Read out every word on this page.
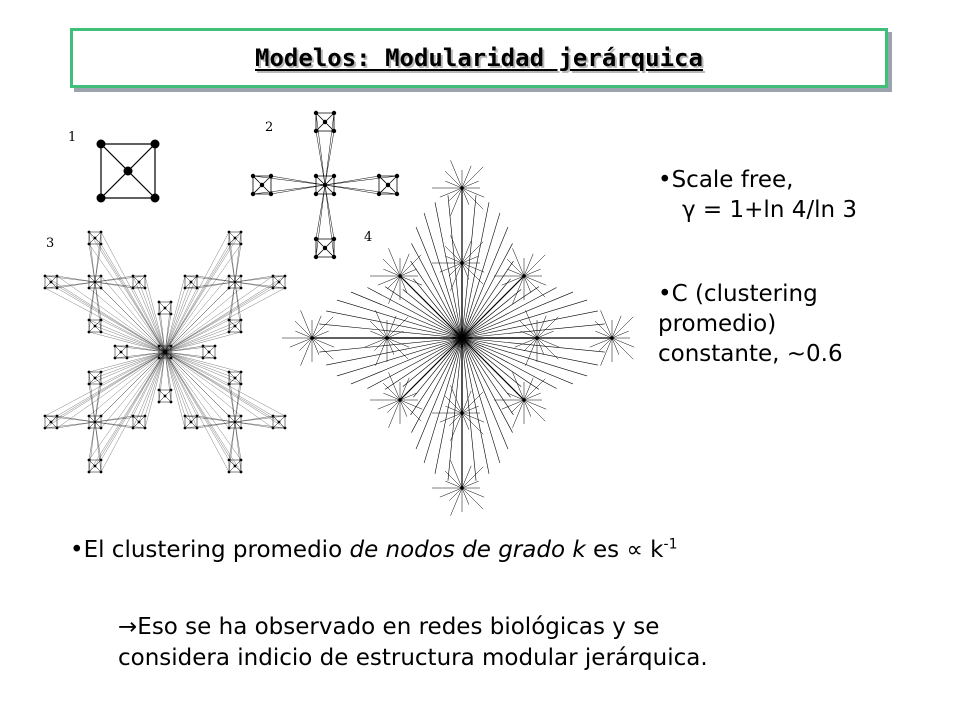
Modelos: Modularidad jerárquica
1
2
3	4
• Scale free,
γ = 1+ln 4/ln 3
• C (clustering
promedio)
constante, ~0.6
• El clustering promedio de nodos de grado k es ∝ $k^{-1}$
→Eso se ha observado en redes biológicas y se
considera indicio de estructura modular jerárquica.
